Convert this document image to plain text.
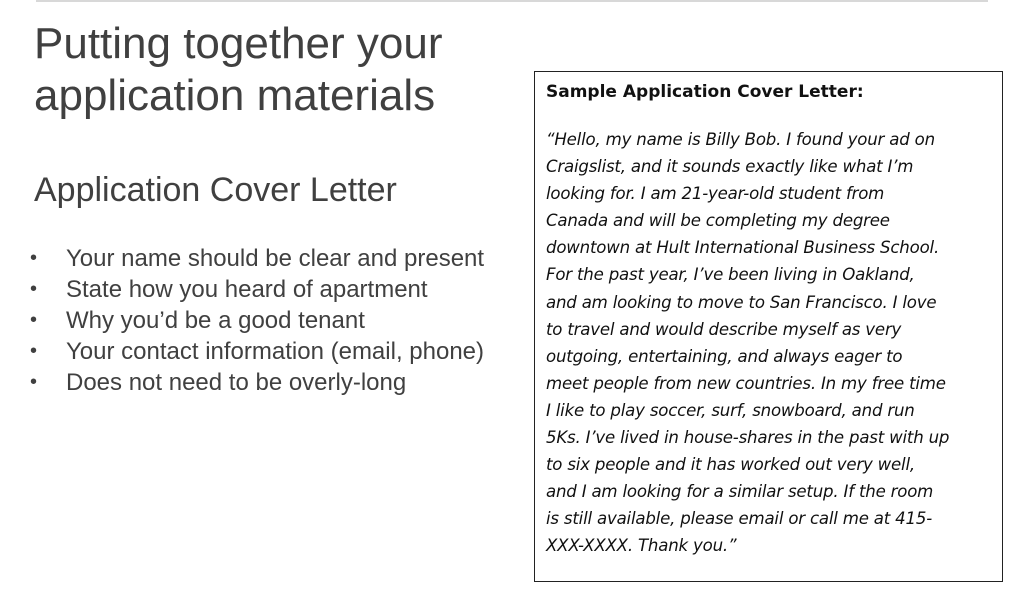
Putting together your
application materials
Application Cover Letter
• Your name should be clear and present
• State how you heard of apartment
• Why you’d be a good tenant
• Your contact information (email, phone)
• Does not need to be overly-long

Sample Application Cover Letter:

“Hello, my name is Billy Bob. I found your ad on
Craigslist, and it sounds exactly like what I’m
looking for. I am 21-year-old student from
Canada and will be completing my degree
downtown at Hult International Business School.
For the past year, I’ve been living in Oakland,
and am looking to move to San Francisco. I love
to travel and would describe myself as very
outgoing, entertaining, and always eager to
meet people from new countries. In my free time
I like to play soccer, surf, snowboard, and run
5Ks. I’ve lived in house-shares in the past with up
to six people and it has worked out very well,
and I am looking for a similar setup. If the room
is still available, please email or call me at 415-
XXX-XXXX. Thank you.”
